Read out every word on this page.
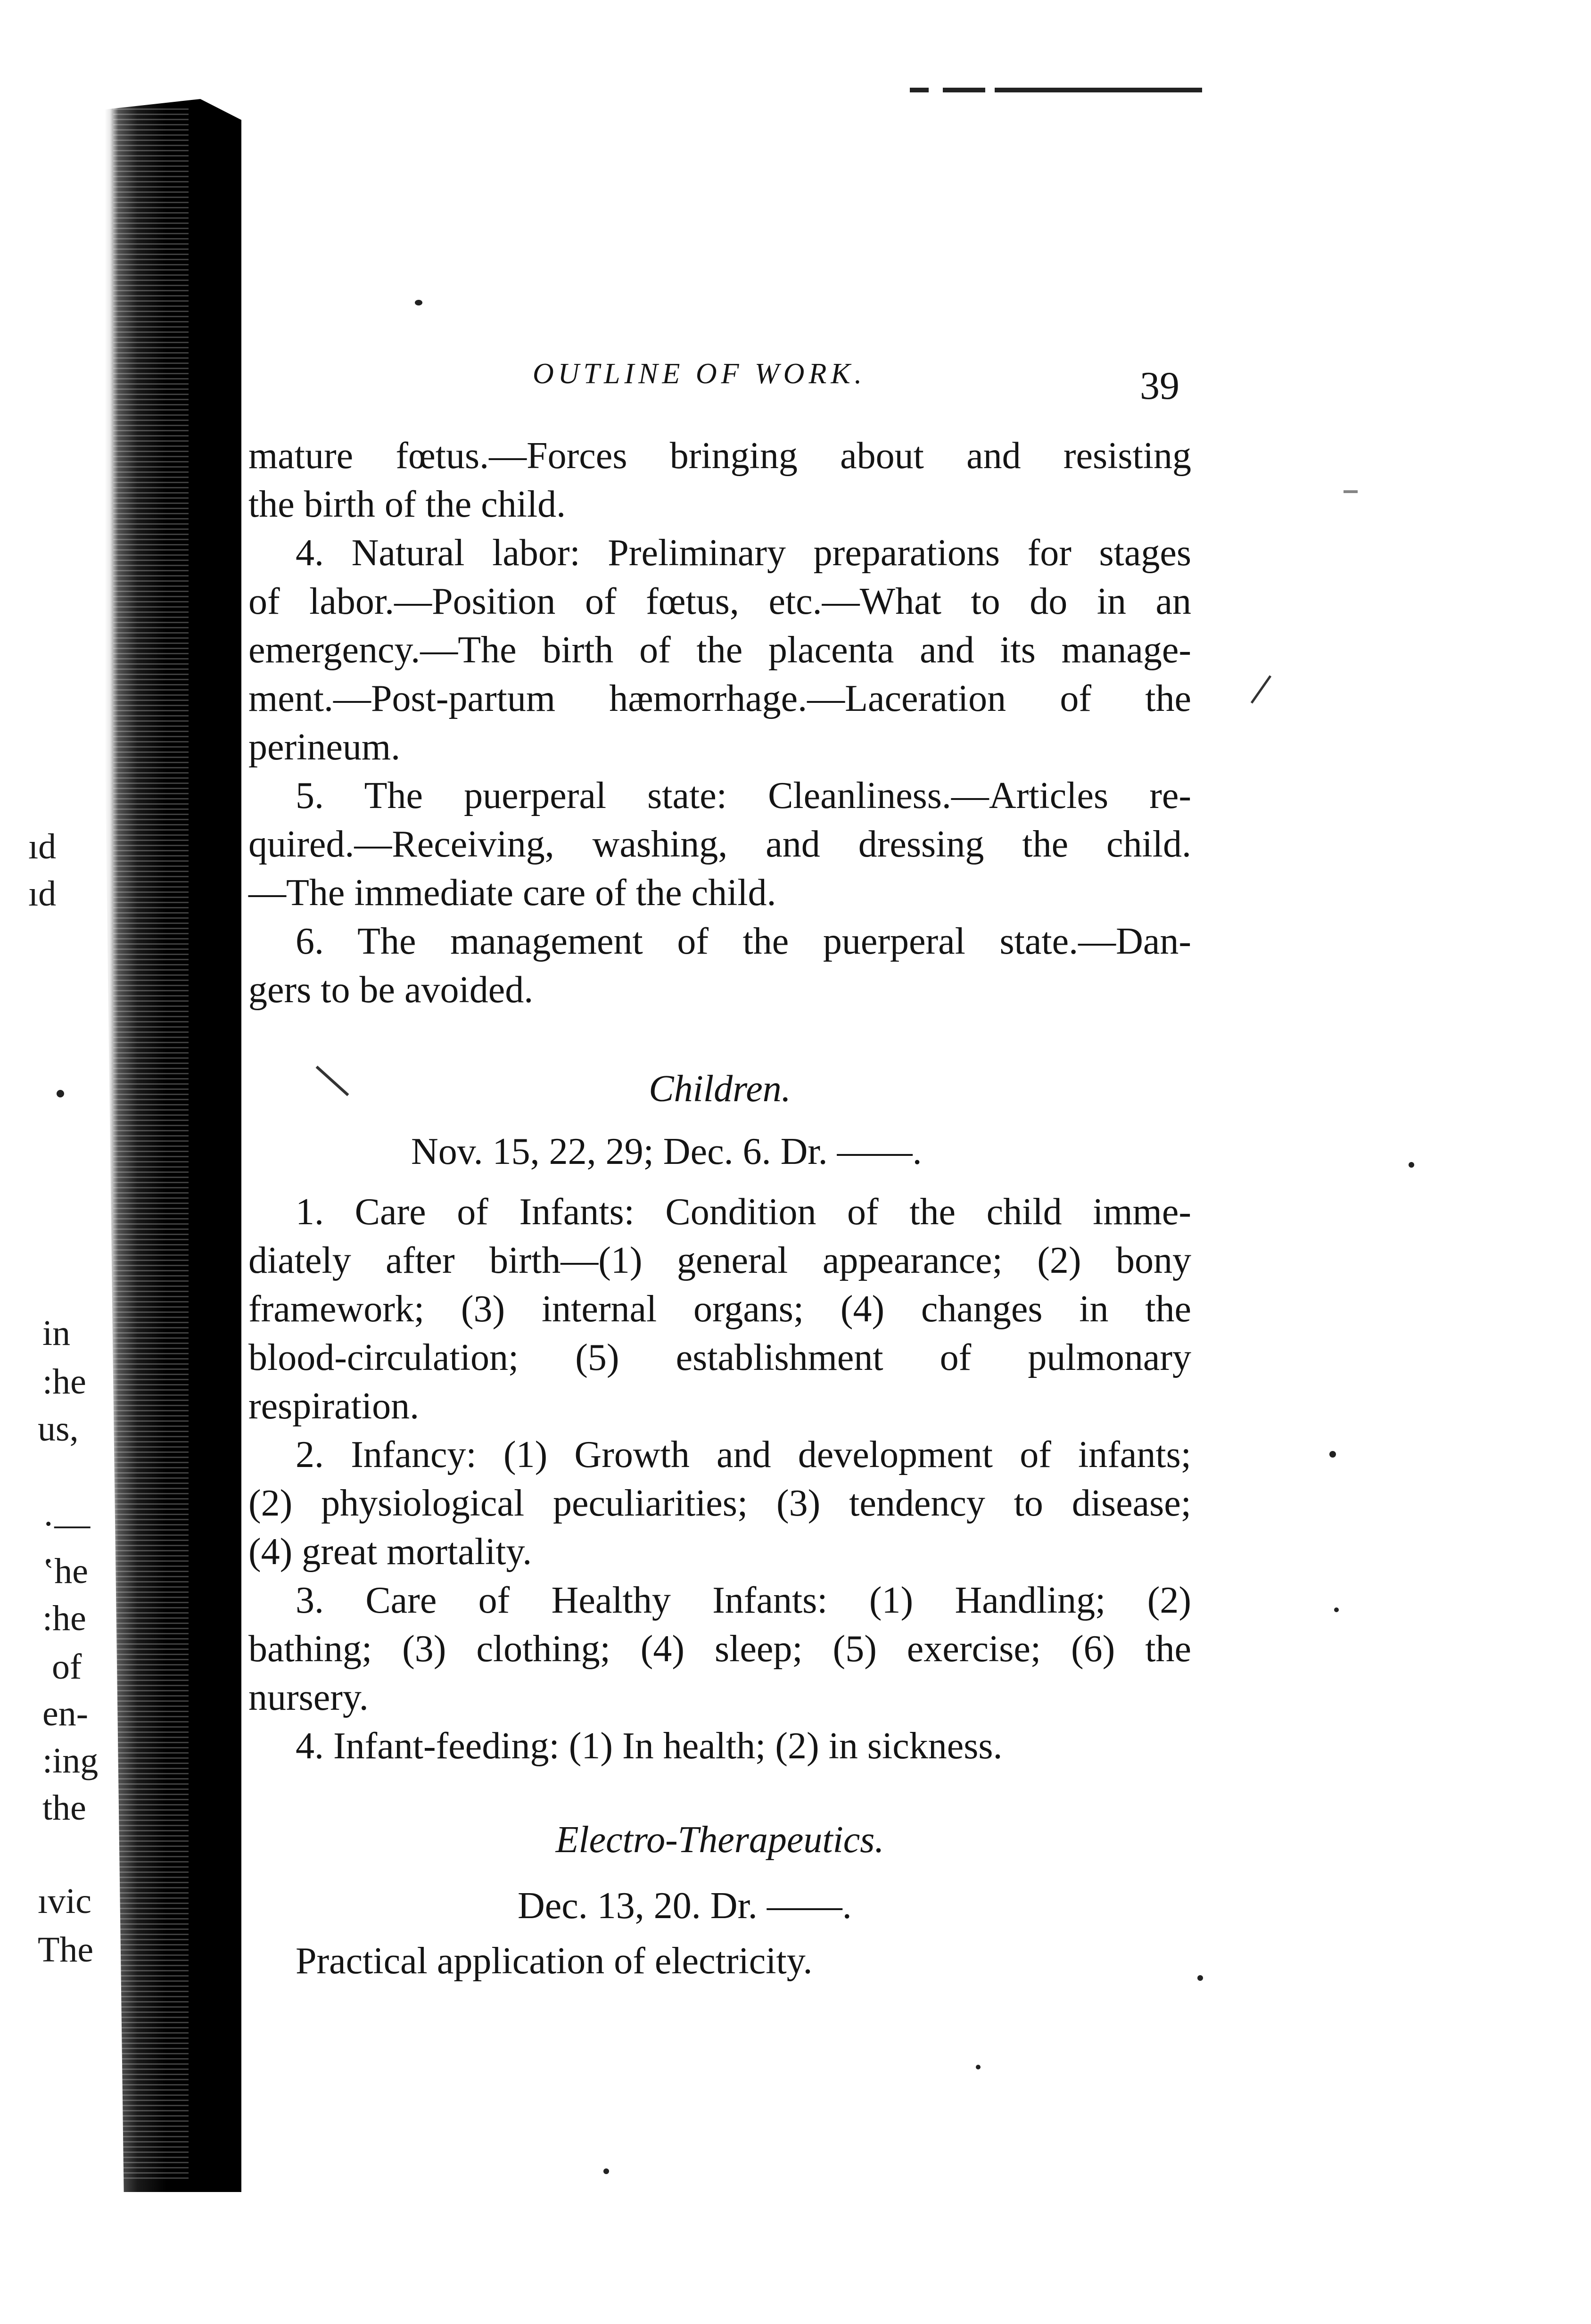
ıd
ıd
in
:he
us,
·—
ʽhe
:he
of
en-
:ing
the
ıvic
The
OUTLINE OF WORK.	39
mature fœtus.—Forces bringing about and resisting
the birth of the child.
4. Natural labor: Preliminary preparations for stages
of labor.—Position of fœtus, etc.—What to do in an
emergency.—The birth of the placenta and its manage-
ment.—Post-partum hæmorrhage.—Laceration of the
perineum.
5. The puerperal state: Cleanliness.—Articles re-
quired.—Receiving, washing, and dressing the child.
—The immediate care of the child.
6. The management of the puerperal state.—Dan-
gers to be avoided.
Children.
Nov. 15, 22, 29; Dec. 6. Dr. ——.
1. Care of Infants: Condition of the child imme-
diately after birth—(1) general appearance; (2) bony
framework; (3) internal organs; (4) changes in the
blood-circulation; (5) establishment of pulmonary
respiration.
2. Infancy: (1) Growth and development of infants;
(2) physiological peculiarities; (3) tendency to disease;
(4) great mortality.
3. Care of Healthy Infants: (1) Handling; (2)
bathing; (3) clothing; (4) sleep; (5) exercise; (6) the
nursery.
4. Infant-feeding: (1) In health; (2) in sickness.
Electro-Therapeutics.
Dec. 13, 20. Dr. ——.
Practical application of electricity.
